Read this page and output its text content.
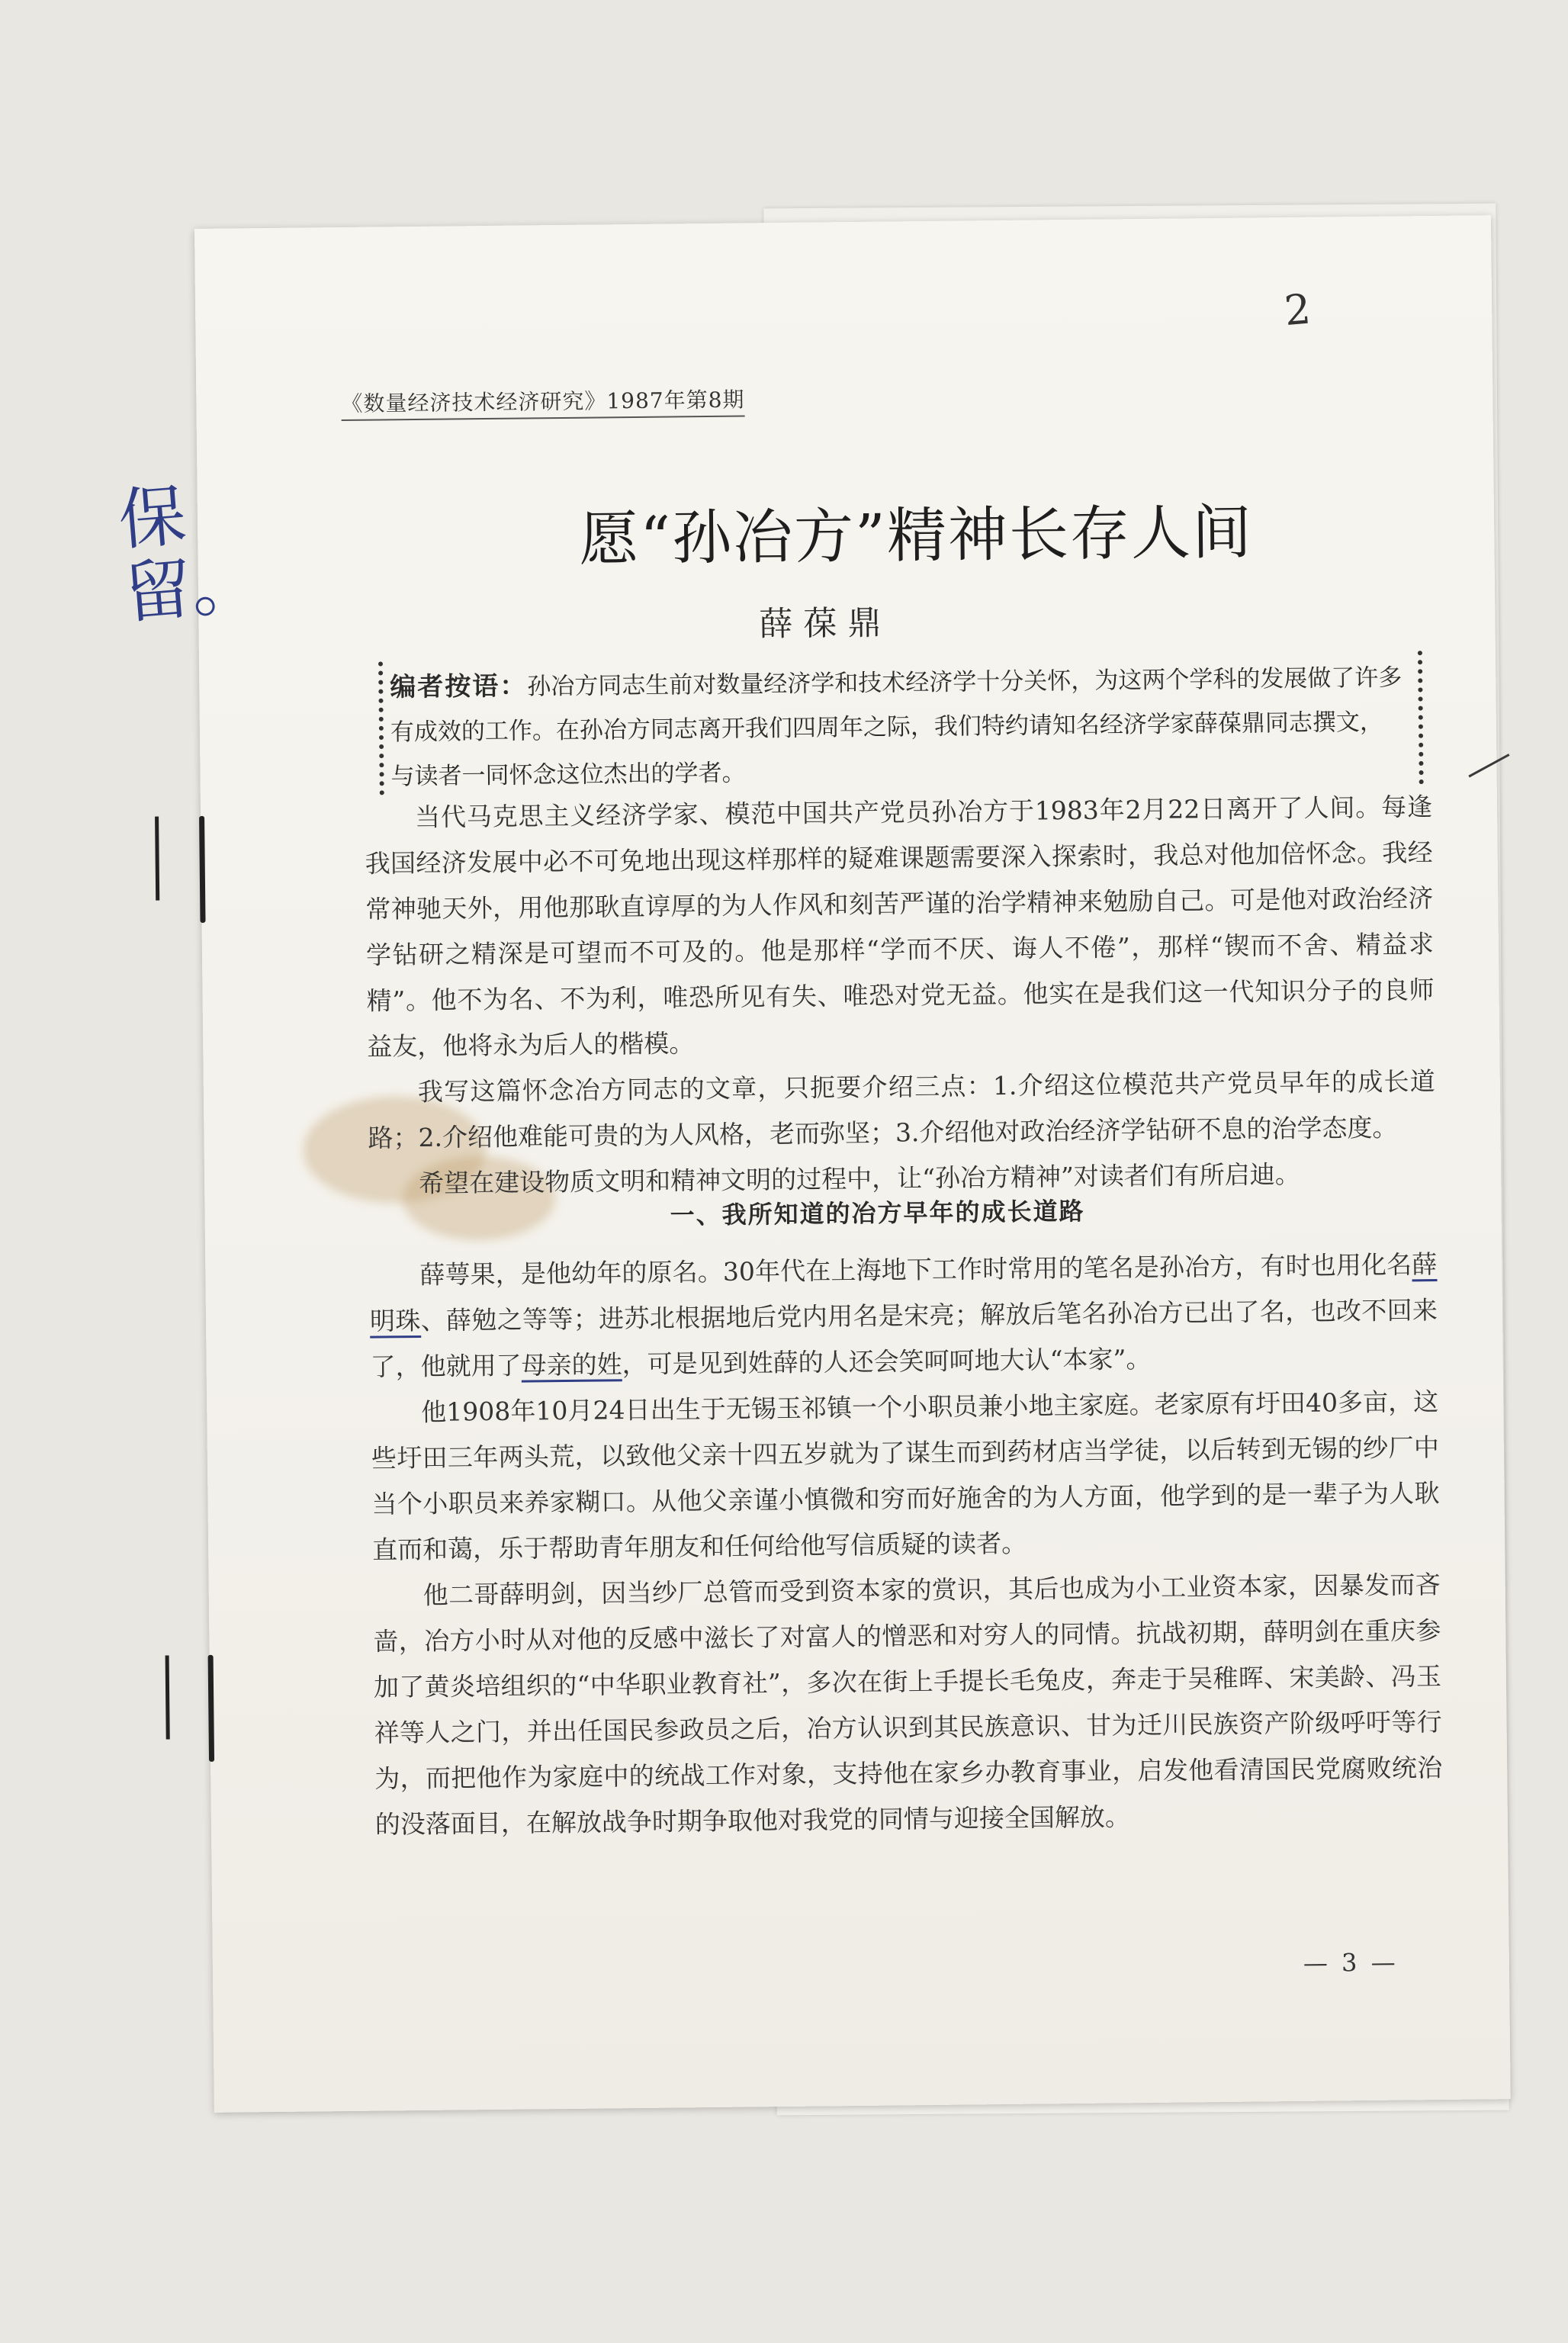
保留。
2
《数量经济技术经济研究》1987年第8期
愿“孙冶方”精神长存人间
薛葆鼎
编者按语：孙冶方同志生前对数量经济学和技术经济学十分关怀，为这两个学科的发展做了许多有成效的工作。在孙冶方同志离开我们四周年之际，我们特约请知名经济学家薛葆鼎同志撰文，与读者一同怀念这位杰出的学者。

当代马克思主义经济学家、模范中国共产党员孙冶方于1983年2月22日离开了人间。每逢我国经济发展中必不可免地出现这样那样的疑难课题需要深入探索时，我总对他加倍怀念。我经常神驰天外，用他那耿直谆厚的为人作风和刻苦严谨的治学精神来勉励自己。可是他对政治经济学钻研之精深是可望而不可及的。他是那样“学而不厌、诲人不倦”，那样“锲而不舍、精益求精”。他不为名、不为利，唯恐所见有失、唯恐对党无益。他实在是我们这一代知识分子的良师益友，他将永为后人的楷模。

我写这篇怀念冶方同志的文章，只扼要介绍三点：1.介绍这位模范共产党员早年的成长道路；2.介绍他难能可贵的为人风格，老而弥坚；3.介绍他对政治经济学钻研不息的治学态度。

希望在建设物质文明和精神文明的过程中，让“孙冶方精神”对读者们有所启迪。

一、我所知道的冶方早年的成长道路

薛萼果，是他幼年的原名。30年代在上海地下工作时常用的笔名是孙冶方，有时也用化名薛明珠、薛勉之等等；进苏北根据地后党内用名是宋亮；解放后笔名孙冶方已出了名，也改不回来了，他就用了母亲的姓，可是见到姓薛的人还会笑呵呵地大认“本家”。

他1908年10月24日出生于无锡玉祁镇一个小职员兼小地主家庭。老家原有圩田40多亩，这些圩田三年两头荒，以致他父亲十四五岁就为了谋生而到药材店当学徒，以后转到无锡的纱厂中当个小职员来养家糊口。从他父亲谨小慎微和穷而好施舍的为人方面，他学到的是一辈子为人耿直而和蔼，乐于帮助青年朋友和任何给他写信质疑的读者。

他二哥薛明剑，因当纱厂总管而受到资本家的赏识，其后也成为小工业资本家，因暴发而吝啬，冶方小时从对他的反感中滋长了对富人的憎恶和对穷人的同情。抗战初期，薛明剑在重庆参加了黄炎培组织的“中华职业教育社”，多次在街上手提长毛兔皮，奔走于吴稚晖、宋美龄、冯玉祥等人之门，并出任国民参政员之后，冶方认识到其民族意识、甘为迁川民族资产阶级呼吁等行为，而把他作为家庭中的统战工作对象，支持他在家乡办教育事业，启发他看清国民党腐败统治的没落面目，在解放战争时期争取他对我党的同情与迎接全国解放。

— 3 —
